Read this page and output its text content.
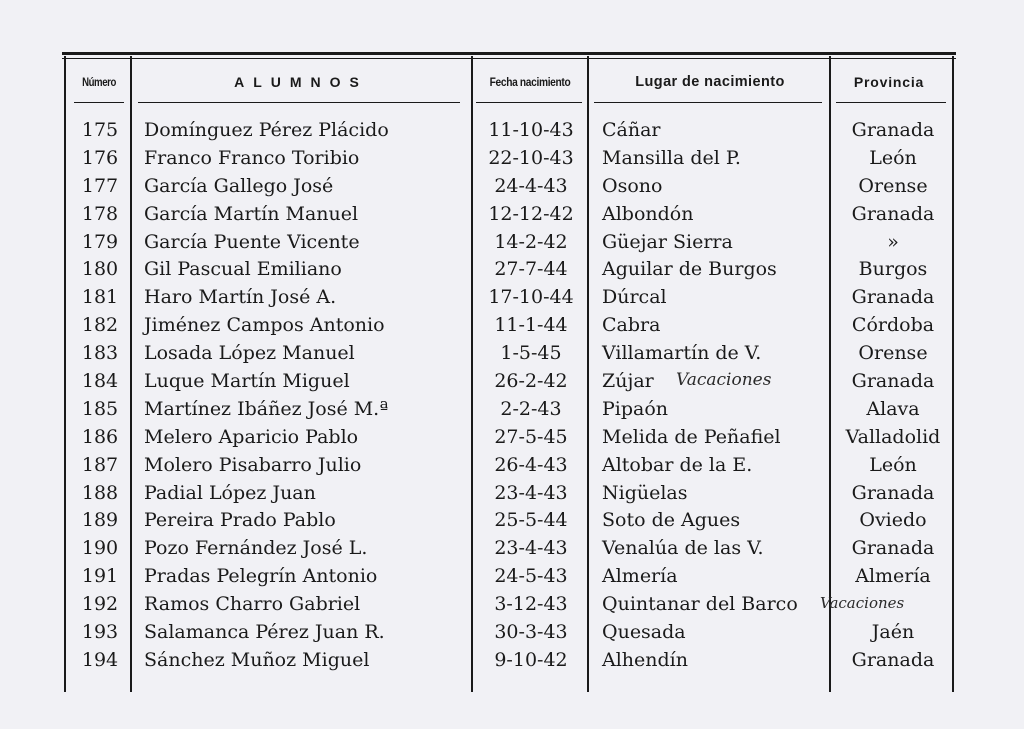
Número	ALUMNOS	Fecha nacimiento	Lugar de nacimiento	Provincia
175	Domínguez Pérez Plácido	11-10-43	Cáñar	Granada
176	Franco Franco Toribio	22-10-43	Mansilla del P.	León
177	García Gallego José	24-4-43	Osono	Orense
178	García Martín Manuel	12-12-42	Albondón	Granada
179	García Puente Vicente	14-2-42	Güejar Sierra	»
180	Gil Pascual Emiliano	27-7-44	Aguilar de Burgos	Burgos
181	Haro Martín José A.	17-10-44	Dúrcal	Granada
182	Jiménez Campos Antonio	11-1-44	Cabra	Córdoba
183	Losada López Manuel	1-5-45	Villamartín de V.	Orense
184	Luque Martín Miguel	26-2-42	Zújar	Granada
Vacaciones
185	Martínez Ibáñez José M.ª	2-2-43	Pipaón	Alava
186	Melero Aparicio Pablo	27-5-45	Melida de Peñafiel	Valladolid
187	Molero Pisabarro Julio	26-4-43	Altobar de la E.	León
188	Padial López Juan	23-4-43	Nigüelas	Granada
189	Pereira Prado Pablo	25-5-44	Soto de Agues	Oviedo
190	Pozo Fernández José L.	23-4-43	Venalúa de las V.	Granada
191	Pradas Pelegrín Antonio	24-5-43	Almería	Almería
192	Ramos Charro Gabriel	3-12-43	Quintanar del Barco	Vacaciones
193	Salamanca Pérez Juan R.	30-3-43	Quesada	Jaén
194	Sánchez Muñoz Miguel	9-10-42	Alhendín	Granada
